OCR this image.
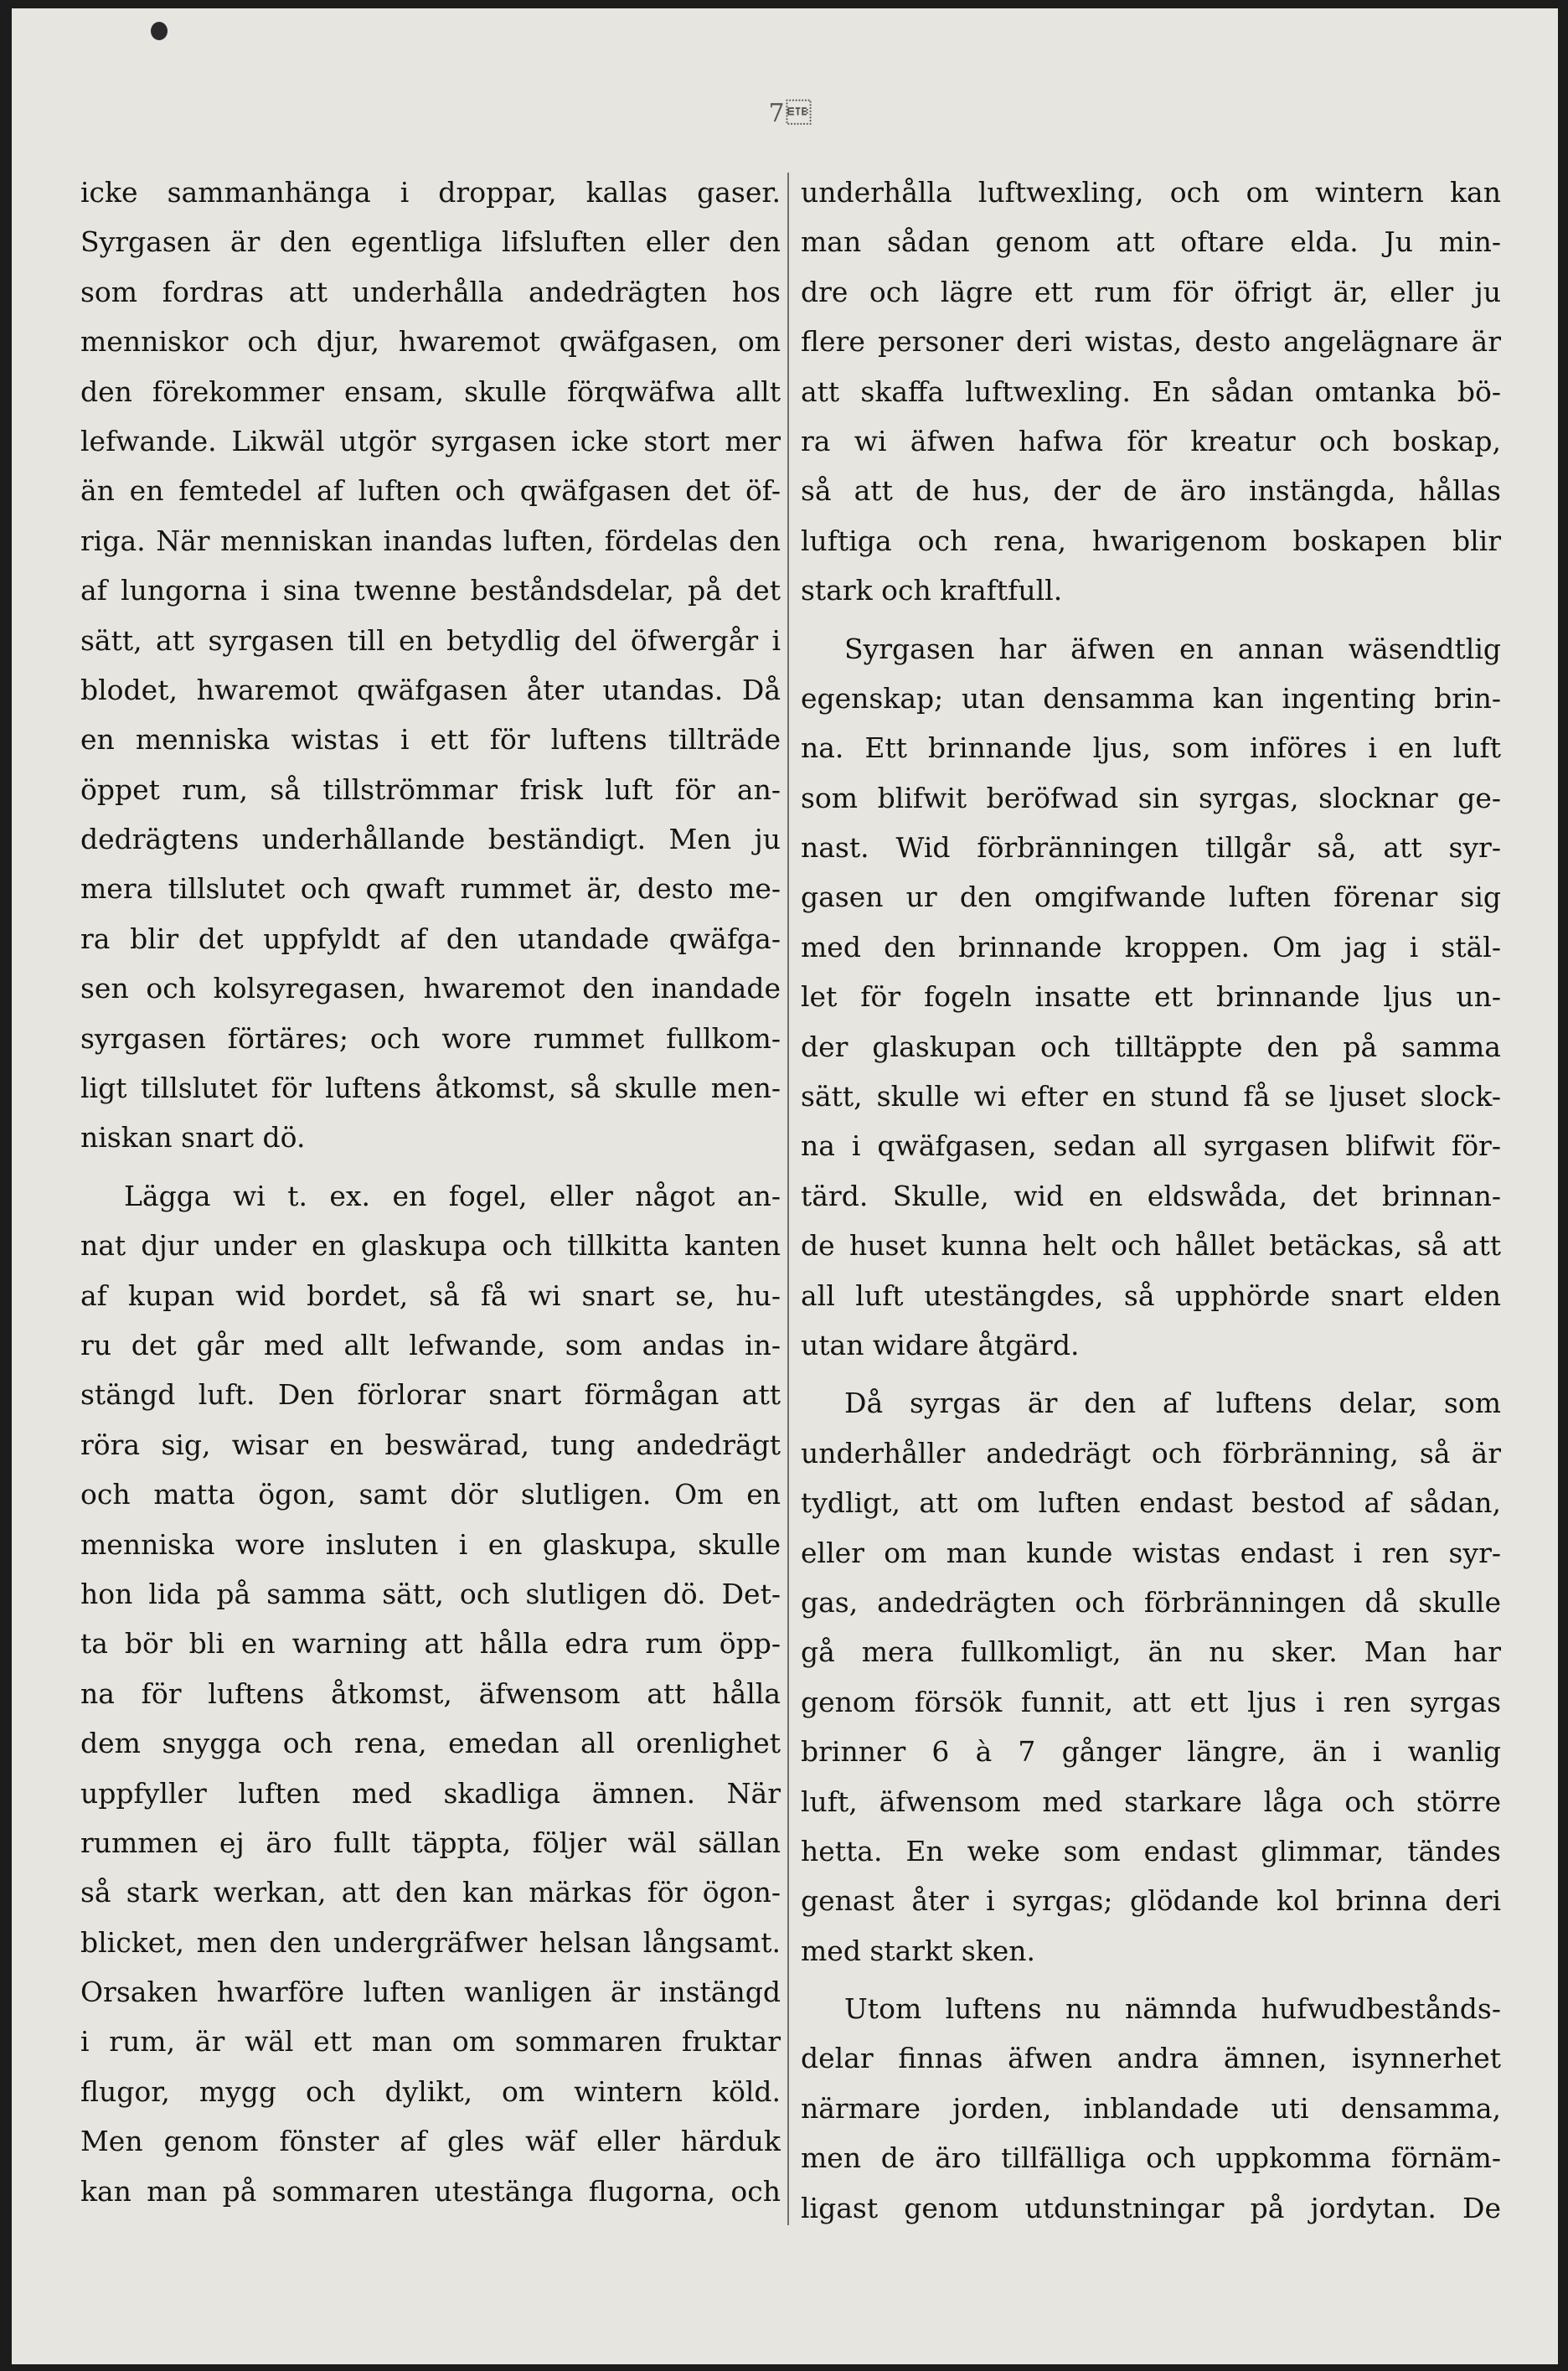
7
icke sammanhänga i droppar, kallas gaser.
Syrgasen är den egentliga lifsluften eller den
som fordras att underhålla andedrägten hos
menniskor och djur, hwaremot qwäfgasen, om
den förekommer ensam, skulle förqwäfwa allt
lefwande. Likwäl utgör syrgasen icke stort mer
än en femtedel af luften och qwäfgasen det öf-
riga. När menniskan inandas luften, fördelas den
af lungorna i sina twenne beståndsdelar, på det
sätt, att syrgasen till en betydlig del öfwergår i
blodet, hwaremot qwäfgasen åter utandas. Då
en menniska wistas i ett för luftens tillträde
öppet rum, så tillströmmar frisk luft för an-
dedrägtens underhållande beständigt. Men ju
mera tillslutet och qwaft rummet är, desto me-
ra blir det uppfyldt af den utandade qwäfga-
sen och kolsyregasen, hwaremot den inandade
syrgasen förtäres; och wore rummet fullkom-
ligt tillslutet för luftens åtkomst, så skulle men-
niskan snart dö.
Lägga wi t. ex. en fogel, eller något an-
nat djur under en glaskupa och tillkitta kanten
af kupan wid bordet, så få wi snart se, hu-
ru det går med allt lefwande, som andas in-
stängd luft. Den förlorar snart förmågan att
röra sig, wisar en beswärad, tung andedrägt
och matta ögon, samt dör slutligen. Om en
menniska wore insluten i en glaskupa, skulle
hon lida på samma sätt, och slutligen dö. Det-
ta bör bli en warning att hålla edra rum öpp-
na för luftens åtkomst, äfwensom att hålla
dem snygga och rena, emedan all orenlighet
uppfyller luften med skadliga ämnen. När
rummen ej äro fullt täppta, följer wäl sällan
så stark werkan, att den kan märkas för ögon-
blicket, men den undergräfwer helsan långsamt.
Orsaken hwarföre luften wanligen är instängd
i rum, är wäl ett man om sommaren fruktar
flugor, mygg och dylikt, om wintern köld.
Men genom fönster af gles wäf eller härduk
kan man på sommaren utestänga flugorna, och
underhålla luftwexling, och om wintern kan
man sådan genom att oftare elda. Ju min-
dre och lägre ett rum för öfrigt är, eller ju
flere personer deri wistas, desto angelägnare är
att skaffa luftwexling. En sådan omtanka bö-
ra wi äfwen hafwa för kreatur och boskap,
så att de hus, der de äro instängda, hållas
luftiga och rena, hwarigenom boskapen blir
stark och kraftfull.
Syrgasen har äfwen en annan wäsendtlig
egenskap; utan densamma kan ingenting brin-
na. Ett brinnande ljus, som införes i en luft
som blifwit beröfwad sin syrgas, slocknar ge-
nast. Wid förbränningen tillgår så, att syr-
gasen ur den omgifwande luften förenar sig
med den brinnande kroppen. Om jag i stäl-
let för fogeln insatte ett brinnande ljus un-
der glaskupan och tilltäppte den på samma
sätt, skulle wi efter en stund få se ljuset slock-
na i qwäfgasen, sedan all syrgasen blifwit för-
tärd. Skulle, wid en eldswåda, det brinnan-
de huset kunna helt och hållet betäckas, så att
all luft utestängdes, så upphörde snart elden
utan widare åtgärd.
Då syrgas är den af luftens delar, som
underhåller andedrägt och förbränning, så är
tydligt, att om luften endast bestod af sådan,
eller om man kunde wistas endast i ren syr-
gas, andedrägten och förbränningen då skulle
gå mera fullkomligt, än nu sker. Man har
genom försök funnit, att ett ljus i ren syrgas
brinner 6 à 7 gånger längre, än i wanlig
luft, äfwensom med starkare låga och större
hetta. En weke som endast glimmar, tändes
genast åter i syrgas; glödande kol brinna deri
med starkt sken.
Utom luftens nu nämnda hufwudbestånds-
delar finnas äfwen andra ämnen, isynnerhet
närmare jorden, inblandade uti densamma,
men de äro tillfälliga och uppkomma förnäm-
ligast genom utdunstningar på jordytan. De
